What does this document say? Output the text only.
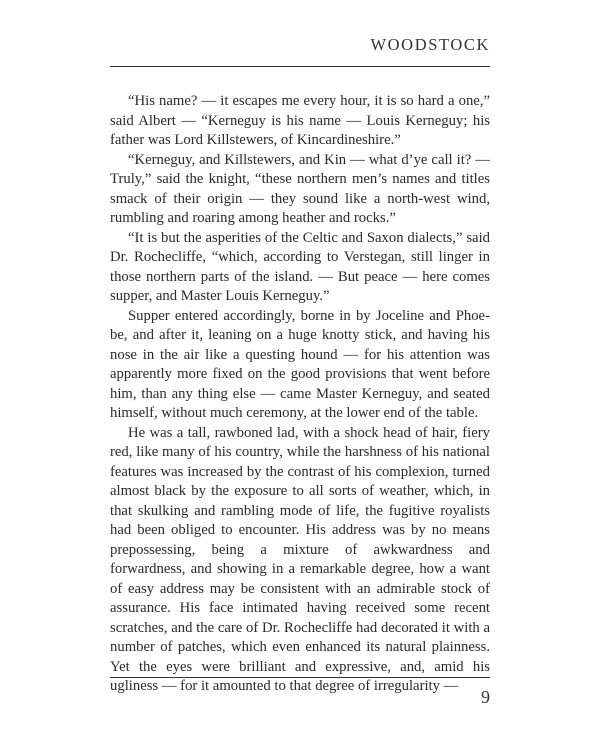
WOODSTOCK

“His name? — it escapes me every hour, it is so hard a one,” said Albert — “Kerneguy is his name — Louis Kerneguy; his father was Lord Killstewers, of Kincardineshire.”

“Kerneguy, and Killstewers, and Kin — what d’ye call it? — Truly,” said the knight, “these northern men’s names and titles smack of their origin — they sound like a north-west wind, rumbling and roaring among heather and rocks.”

“It is but the asperities of the Celtic and Saxon dialects,” said Dr. Rochecliffe, “which, according to Verstegan, still linger in those northern parts of the island. — But peace — here comes supper, and Master Louis Kerneguy.”

Supper entered accordingly, borne in by Joceline and Phoebe, and after it, leaning on a huge knotty stick, and having his nose in the air like a questing hound — for his attention was apparently more fixed on the good provisions that went before him, than any thing else — came Master Kerneguy, and seated himself, without much ceremony, at the lower end of the table.

He was a tall, rawboned lad, with a shock head of hair, fiery red, like many of his country, while the harshness of his national features was increased by the contrast of his complexion, turned almost black by the exposure to all sorts of weather, which, in that skulking and rambling mode of life, the fugitive royalists had been obliged to encounter. His address was by no means prepossessing, being a mixture of awkwardness and forwardness, and showing in a remarkable degree, how a want of easy address may be consistent with an admirable stock of assurance. His face intimated having received some recent scratches, and the care of Dr. Rochecliffe had decorated it with a number of patches, which even enhanced its natural plainness. Yet the eyes were brilliant and expressive, and, amid his ugliness — for it amounted to that degree of irregularity —

9
